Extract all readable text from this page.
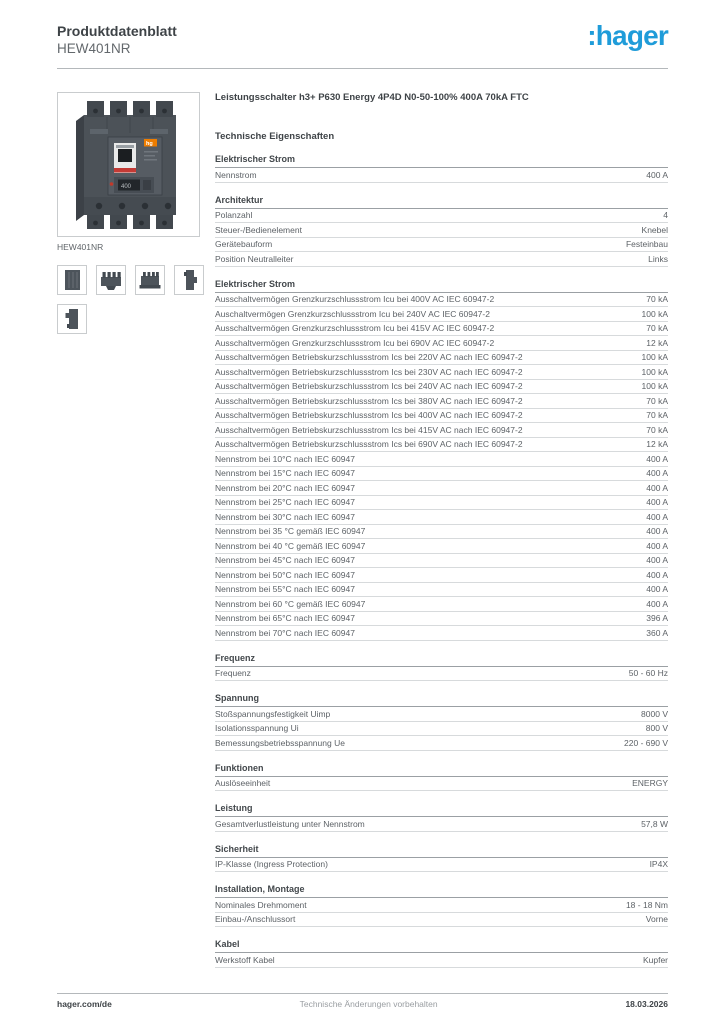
Produktdatenblatt
HEW401NR	:hager
hg
400
HEW401NR
Leistungsschalter h3+ P630 Energy 4P4D N0-50-100% 400A 70kA FTC
Technische Eigenschaften
Elektrischer Strom
Nennstrom	400 A
Architektur
Polanzahl	4
Steuer-/Bedienelement	Knebel
Gerätebauform	Festeinbau
Position Neutralleiter	Links
Elektrischer Strom
Ausschaltvermögen Grenzkurzschlussstrom Icu bei 400V AC IEC 60947-2	70 kA
Auschaltvermögen Grenzkurzschlussstrom Icu bei 240V AC IEC 60947-2	100 kA
Ausschaltvermögen Grenzkurzschlussstrom Icu bei 415V AC IEC 60947-2	70 kA
Ausschaltvermögen Grenzkurzschlussstrom Icu bei 690V AC IEC 60947-2	12 kA
Ausschaltvermögen Betriebskurzschlussstrom Ics bei 220V AC nach IEC 60947-2	100 kA
Ausschaltvermögen Betriebskurzschlussstrom Ics bei 230V AC nach IEC 60947-2	100 kA
Ausschaltvermögen Betriebskurzschlussstrom Ics bei 240V AC nach IEC 60947-2	100 kA
Ausschaltvermögen Betriebskurzschlussstrom Ics bei 380V AC nach IEC 60947-2	70 kA
Ausschaltvermögen Betriebskurzschlussstrom Ics bei 400V AC nach IEC 60947-2	70 kA
Ausschaltvermögen Betriebskurzschlussstrom Ics bei 415V AC nach IEC 60947-2	70 kA
Ausschaltvermögen Betriebskurzschlussstrom Ics bei 690V AC nach IEC 60947-2	12 kA
Nennstrom bei 10°C nach IEC 60947	400 A
Nennstrom bei 15°C nach IEC 60947	400 A
Nennstrom bei 20°C nach IEC 60947	400 A
Nennstrom bei 25°C nach IEC 60947	400 A
Nennstrom bei 30°C nach IEC 60947	400 A
Nennstrom bei 35 °C gemäß IEC 60947	400 A
Nennstrom bei 40 °C gemäß IEC 60947	400 A
Nennstrom bei 45°C nach IEC 60947	400 A
Nennstrom bei 50°C nach IEC 60947	400 A
Nennstrom bei 55°C nach IEC 60947	400 A
Nennstrom bei 60 °C gemäß IEC 60947	400 A
Nennstrom bei 65°C nach IEC 60947	396 A
Nennstrom bei 70°C nach IEC 60947	360 A
Frequenz
Frequenz	50 - 60 Hz
Spannung
Stoßspannungsfestigkeit Uimp	8000 V
Isolationsspannung Ui	800 V
Bemessungsbetriebsspannung Ue	220 - 690 V
Funktionen
Auslöseeinheit	ENERGY
Leistung
Gesamtverlustleistung unter Nennstrom	57,8 W
Sicherheit
IP-Klasse (Ingress Protection)	IP4X
Installation, Montage
Nominales Drehmoment	18 - 18 Nm
Einbau-/Anschlussort	Vorne
Kabel
Werkstoff Kabel	Kupfer
hager.com/de	Technische Änderungen vorbehalten	18.03.2026
